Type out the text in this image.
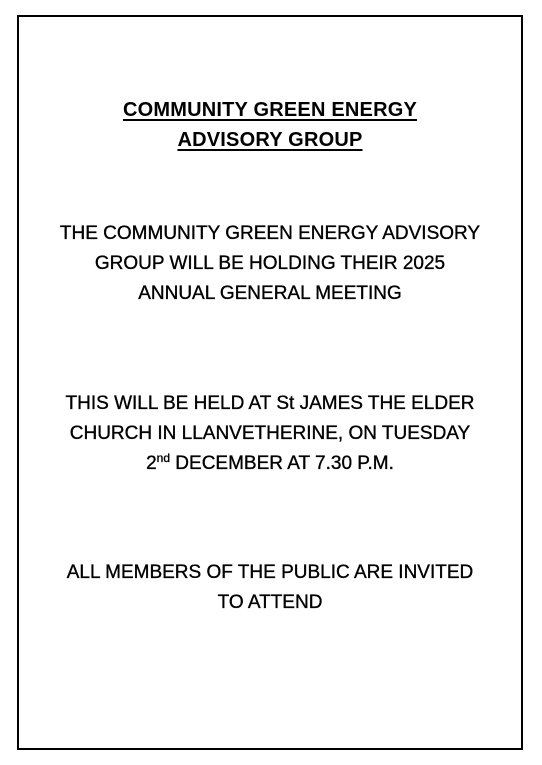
COMMUNITY GREEN ENERGY
ADVISORY GROUP
THE COMMUNITY GREEN ENERGY ADVISORY
GROUP WILL BE HOLDING THEIR 2025
ANNUAL GENERAL MEETING
THIS WILL BE HELD AT St JAMES THE ELDER
CHURCH IN LLANVETHERINE, ON TUESDAY
2nd DECEMBER AT 7.30 P.M.
ALL MEMBERS OF THE PUBLIC ARE INVITED
TO ATTEND
